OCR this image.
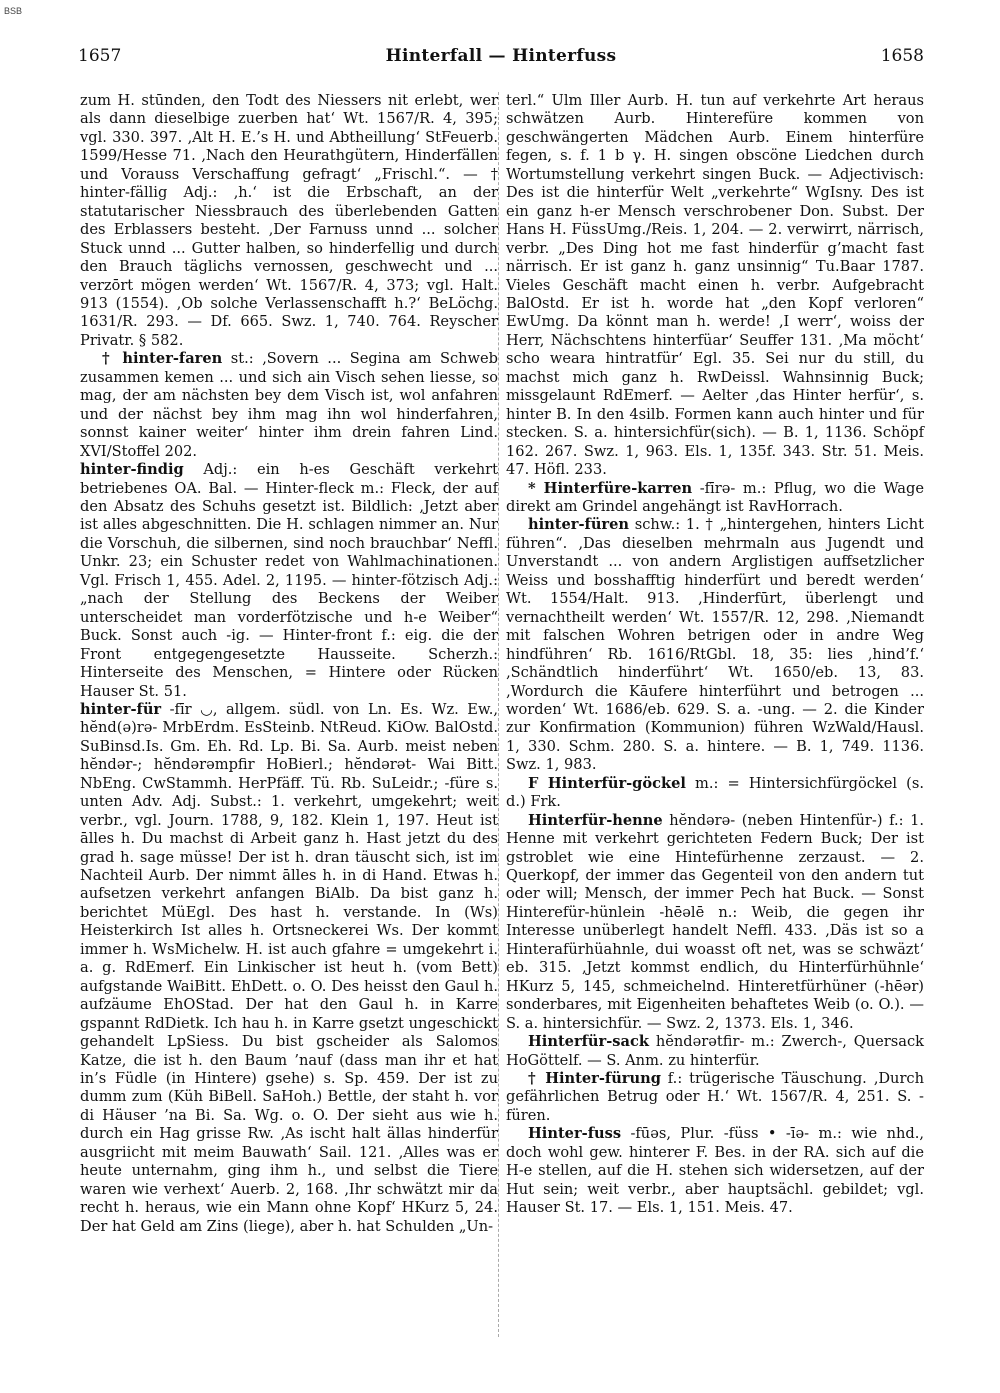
BSB
1657	Hinterfall — Hinterfuss	1658

zum H. stūnden, den Todt des Niessers nit erlebt, wer als dann dieselbige zuerben hat‘ Wt. 1567/R. 4, 395; vgl. 330. 397. ‚Alt H. E.’s H. und Abtheillung‘ StFeuerb. 1599/Hesse 71. ‚Nach den Heurathgütern, Hinderfällen und Vorauss Verschaffung gefragt‘ „Frischl.“. — † hinter-fällig Adj.: ‚h.‘ ist die Erbschaft, an der statutarischer Niessbrauch des überlebenden Gatten des Erblassers besteht. ‚Der Farnuss unnd ... solcher Stuck unnd ... Gutter halben, so hinderfellig und durch den Brauch täglichs vernossen, geschwecht und ... verzōrt mögen werden‘ Wt. 1567/R. 4, 373; vgl. Halt. 913 (1554). ‚Ob solche Verlassenschafft h.?‘ BeLöchg. 1631/R. 293. — Df. 665. Swz. 1, 740. 764. Reyscher Privatr. § 582.

† hinter-faren st.: ‚Sovern ... Segina am Schweb zusammen kemen ... und sich ain Visch sehen liesse, so mag, der am nächsten bey dem Visch ist, wol anfahren und der nächst bey ihm mag ihn wol hinderfahren, sonnst kainer weiter‘ hinter ihm drein fahren Lind. XVI/Stoffel 202.

hinter-findig Adj.: ein h-es Geschäft verkehrt betriebenes OA. Bal. — Hinter-fleck m.: Fleck, der auf den Absatz des Schuhs gesetzt ist. Bildlich: ‚Jetzt aber ist alles abgeschnitten. Die H. schlagen nimmer an. Nur die Vorschuh, die silbernen, sind noch brauchbar‘ Neffl. Unkr. 23; ein Schuster redet von Wahlmachinationen. Vgl. Frisch 1, 455. Adel. 2, 1195. — hinter-fötzisch Adj.: „nach der Stellung des Beckens der Weiber unterscheidet man vorderfötzische und h-e Weiber“ Buck. Sonst auch -ig. — Hinter-front f.: eig. die der Front entgegengesetzte Hausseite. Scherzh.: Hinterseite des Menschen, = Hintere oder Rücken Hauser St. 51.

hinter-für -fīr ◡, allgem. südl. von Ln. Es. Wz. Ew., hĕnd(ə)rə- MrbErdm. EsSteinb. NtReud. KiOw. BalOstd. SuBinsd.Is. Gm. Eh. Rd. Lp. Bi. Sa. Aurb. meist neben hĕndər-; hĕndərəmpfir HoBierl.; hĕndərət- Wai Bitt. NbEng. CwStammh. HerPfäff. Tü. Rb. SuLeidr.; -füre s. unten Adv. Adj. Subst.: 1. verkehrt, umgekehrt; weit verbr., vgl. Journ. 1788, 9, 182. Klein 1, 197. Heut ist ālles h. Du machst di Arbeit ganz h. Hast jetzt du des grad h. sage müsse! Der ist h. dran täuscht sich, ist im Nachteil Aurb. Der nimmt ālles h. in di Hand. Etwas h. aufsetzen verkehrt anfangen BiAlb. Da bist ganz h. berichtet MüEgl. Des hast h. verstande. In (Ws) Heisterkirch Ist alles h. Ortsneckerei Ws. Der kommt immer h. WsMichelw. H. ist auch gfahre = umgekehrt i. a. g. RdEmerf. Ein Linkischer ist heut h. (vom Bett) aufgstande WaiBitt. EhDett. o. O. Des heisst den Gaul h. aufzäume EhOStad. Der hat den Gaul h. in Karre gspannt RdDietk. Ich hau h. in Karre gsetzt ungeschickt gehandelt LpSiess. Du bist gscheider als Salomos Katze, die ist h. den Baum ’nauf (dass man ihr et hat in’s Füdle (in Hintere) gsehe) s. Sp. 459. Der ist zu dumm zum (Küh BiBell. SaHoh.) Bettle, der staht h. vor di Häuser ’na Bi. Sa. Wg. o. O. Der sieht aus wie h. durch ein Hag grisse Rw. ‚As ischt halt ällas hinderfür ausgriicht mit meim Bauwath‘ Sail. 121. ‚Alles was er heute unternahm, ging ihm h., und selbst die Tiere waren wie verhext‘ Auerb. 2, 168. ‚Ihr schwätzt mir da recht h. heraus, wie ein Mann ohne Kopf‘ HKurz 5, 24. Der hat Geld am Zins (liege), aber h. hat Schulden „Un-

terl.“ Ulm Iller Aurb. H. tun auf verkehrte Art heraus schwätzen Aurb. Hinterefüre kommen von geschwängerten Mädchen Aurb. Einem hinterfüre fegen, s. f. 1 b γ. H. singen obscöne Liedchen durch Wortumstellung verkehrt singen Buck. — Adjectivisch: Des ist die hinterfür Welt „verkehrte“ WgIsny. Des ist ein ganz h-er Mensch verschrobener Don. Subst. Der Hans H. FüssUmg./Reis. 1, 204. — 2. verwirrt, närrisch, verbr. „Des Ding hot me fast hinderfür g’macht fast närrisch. Er ist ganz h. ganz unsinnig“ Tu.Baar 1787. Vieles Geschäft macht einen h. verbr. Aufgebracht BalOstd. Er ist h. worde hat „den Kopf verloren“ EwUmg. Da könnt man h. werde! ‚I werr‘, woiss der Herr, Nächschtens hinterfüar‘ Seuffer 131. ‚Ma möcht‘ scho weara hintratfür‘ Egl. 35. Sei nur du still, du machst mich ganz h. RwDeissl. Wahnsinnig Buck; missgelaunt RdEmerf. — Aelter ‚das Hinter herfür‘, s. hinter B. In den 4silb. Formen kann auch hinter und für stecken. S. a. hintersichfür(sich). — B. 1, 1136. Schöpf 162. 267. Swz. 1, 963. Els. 1, 135f. 343. Str. 51. Meis. 47. Höfl. 233.

* Hinterfüre-karren -fīrə- m.: Pflug, wo die Wage direkt am Grindel angehängt ist RavHorrach.

hinter-füren schw.: 1. † „hintergehen, hinters Licht führen“. ‚Das dieselben mehrmaln aus Jugendt und Unverstandt ... von andern Arglistigen auffsetzlicher Weiss und bosshafftig hinderfürt und beredt werden‘ Wt. 1554/Halt. 913. ‚Hinderfūrt, überlengt und vernachtheilt werden‘ Wt. 1557/R. 12, 298. ‚Niemandt mit falschen Wohren betrigen oder in andre Weg hindführen‘ Rb. 1616/RtGbl. 18, 35: lies ‚hind’f.‘ ‚Schändtlich hinderführt‘ Wt. 1650/eb. 13, 83. ‚Wordurch die Kāufere hinterführt und betrogen ... worden‘ Wt. 1686/eb. 629. S. a. -ung. — 2. die Kinder zur Konfirmation (Kommunion) führen WzWald/Hausl. 1, 330. Schm. 280. S. a. hintere. — B. 1, 749. 1136. Swz. 1, 983.

F Hinterfür-göckel m.: = Hintersichfürgöckel (s. d.) Frk.

Hinterfür-henne hĕndərə- (neben Hintenfür-) f.: 1. Henne mit verkehrt gerichteten Federn Buck; Der ist gstroblet wie eine Hintefürhenne zerzaust. — 2. Querkopf, der immer das Gegenteil von den andern tut oder will; Mensch, der immer Pech hat Buck. — Sonst Hinterefür-hünlein -hēəlē n.: Weib, die gegen ihr Interesse unüberlegt handelt Neffl. 433. ‚Däs ist so a Hinterafürhüahnle, dui woasst oft net, was se schwäzt‘ eb. 315. ‚Jetzt kommst endlich, du Hinterfürhühnle‘ HKurz 5, 145, schmeichelnd. Hinteretfürhüner (-hēər) sonderbares, mit Eigenheiten behaftetes Weib (o. O.). — S. a. hintersichfür. — Swz. 2, 1373. Els. 1, 346.

Hinterfür-sack hĕndərətfir- m.: Zwerch-, Quersack HoGöttelf. — S. Anm. zu hinterfür.

† Hinter-fürung f.: trügerische Täuschung. ‚Durch gefährlichen Betrug oder H.‘ Wt. 1567/R. 4, 251. S. -füren.

Hinter-fuss -fūəs, Plur. -füss • -īə- m.: wie nhd., doch wohl gew. hinterer F. Bes. in der RA. sich auf die H-e stellen, auf die H. stehen sich widersetzen, auf der Hut sein; weit verbr., aber hauptsächl. gebildet; vgl. Hauser St. 17. — Els. 1, 151. Meis. 47.
